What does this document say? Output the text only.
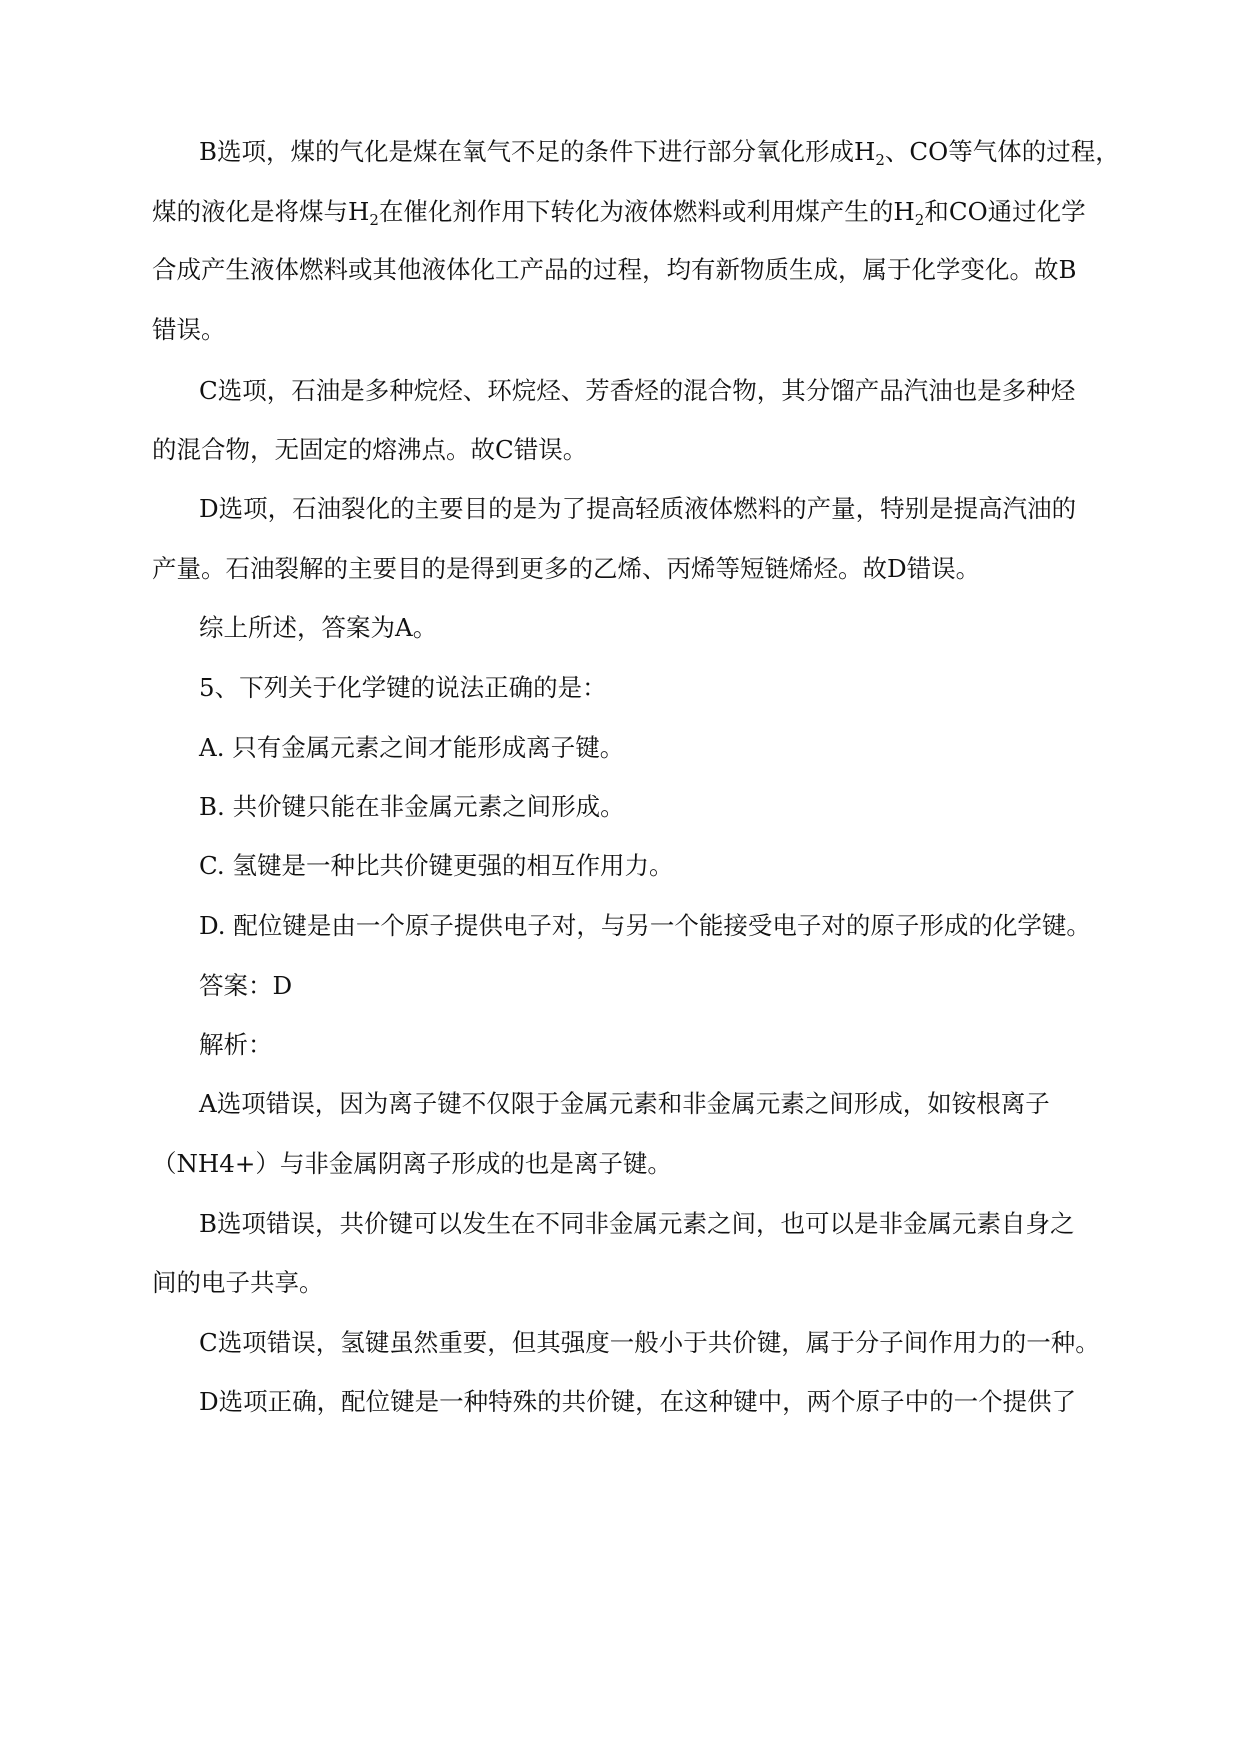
B选项，煤的气化是煤在氧气不足的条件下进行部分氧化形成$H_2$、CO等气体的过程，
煤的液化是将煤与$H_2$在催化剂作用下转化为液体燃料或利用煤产生的$H_2$和CO通过化学
合成产生液体燃料或其他液体化工产品的过程，均有新物质生成，属于化学变化。故B
错误。
C选项，石油是多种烷烃、环烷烃、芳香烃的混合物，其分馏产品汽油也是多种烃
的混合物，无固定的熔沸点。故C错误。
D选项，石油裂化的主要目的是为了提高轻质液体燃料的产量，特别是提高汽油的
产量。石油裂解的主要目的是得到更多的乙烯、丙烯等短链烯烃。故D错误。
综上所述，答案为A。
5、下列关于化学键的说法正确的是：
A. 只有金属元素之间才能形成离子键。
B. 共价键只能在非金属元素之间形成。
C. 氢键是一种比共价键更强的相互作用力。
D. 配位键是由一个原子提供电子对，与另一个能接受电子对的原子形成的化学键。
答案：D
解析：
A选项错误，因为离子键不仅限于金属元素和非金属元素之间形成，如铵根离子
（NH4+）与非金属阴离子形成的也是离子键。
B选项错误，共价键可以发生在不同非金属元素之间，也可以是非金属元素自身之
间的电子共享。
C选项错误，氢键虽然重要，但其强度一般小于共价键，属于分子间作用力的一种。
D选项正确，配位键是一种特殊的共价键，在这种键中，两个原子中的一个提供了
